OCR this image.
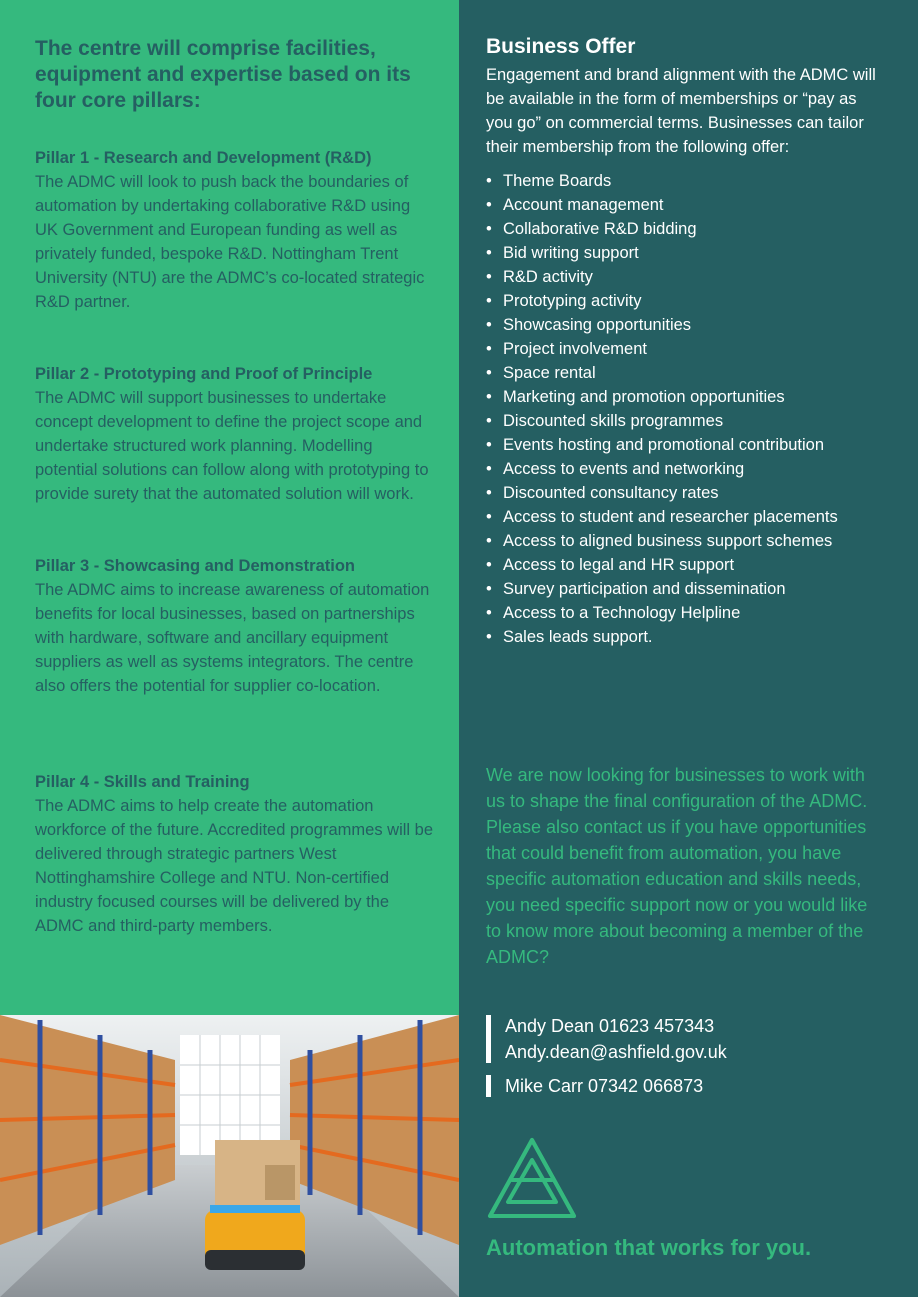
The centre will comprise facilities, equipment and expertise based on its four core pillars:
Pillar 1 - Research and Development (R&D)

The ADMC will look to push back the boundaries of automation by undertaking collaborative R&D using UK Government and European funding as well as privately funded, bespoke R&D. Nottingham Trent University (NTU) are the ADMC’s co-located strategic R&D partner.

Pillar 2 - Prototyping and Proof of Principle

The ADMC will support businesses to undertake concept development to define the project scope and undertake structured work planning. Modelling potential solutions can follow along with prototyping to provide surety that the automated solution will work.

Pillar 3 - Showcasing and Demonstration

The ADMC aims to increase awareness of automation benefits for local businesses, based on partnerships with hardware, software and ancillary equipment suppliers as well as systems integrators. The centre also offers the potential for supplier co-location.

Pillar 4 - Skills and Training

The ADMC aims to help create the automation workforce of the future. Accredited programmes will be delivered through strategic partners West Nottinghamshire College and NTU. Non-certified industry focused courses will be delivered by the ADMC and third-party members.

Business Offer

Engagement and brand alignment with the ADMC will be available in the form of memberships or “pay as you go” on commercial terms. Businesses can tailor their membership from the following offer:

• Theme Boards
• Account management
• Collaborative R&D bidding
• Bid writing support
• R&D activity
• Prototyping activity
• Showcasing opportunities
• Project involvement
• Space rental
• Marketing and promotion opportunities
• Discounted skills programmes
• Events hosting and promotional contribution
• Access to events and networking
• Discounted consultancy rates
• Access to student and researcher placements
• Access to aligned business support schemes
• Access to legal and HR support
• Survey participation and dissemination
• Access to a Technology Helpline
• Sales leads support.

We are now looking for businesses to work with us to shape the final configuration of the ADMC. Please also contact us if you have opportunities that could benefit from automation, you have specific automation education and skills needs, you need specific support now or you would like to know more about becoming a member of the ADMC?

Andy Dean 01623 457343
Andy.dean@ashfield.gov.uk
Mike Carr 07342 066873
Automation that works for you.
